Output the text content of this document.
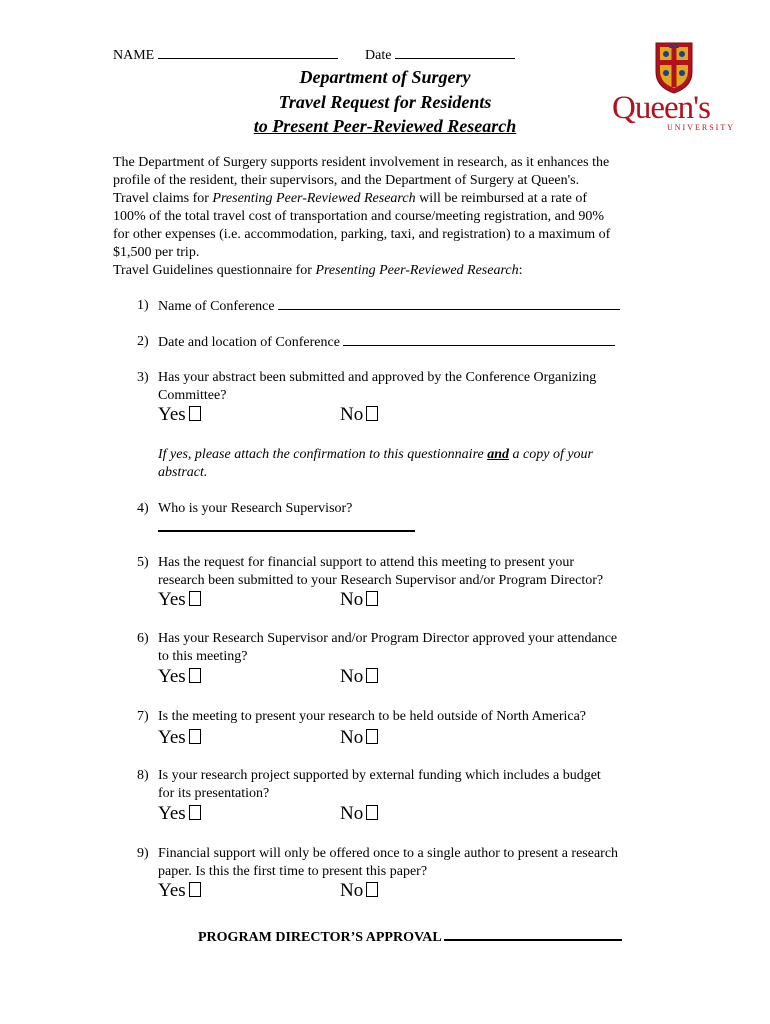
NAME	Date
Department of Surgery
Travel Request for Residents
to Present Peer-Reviewed Research	Queen's
UNIVERSITY
The Department of Surgery supports resident involvement in research, as it enhances the
profile of the resident, their supervisors, and the Department of Surgery at Queen's.
Travel claims for Presenting Peer-Reviewed Research will be reimbursed at a rate of
100% of the total travel cost of transportation and course/meeting registration, and 90%
for other expenses (i.e. accommodation, parking, taxi, and registration) to a maximum of
$1,500 per trip.
Travel Guidelines questionnaire for Presenting Peer-Reviewed Research:
1) Name of Conference
2) Date and location of Conference
3) Has your abstract been submitted and approved by the Conference Organizing
Committee?
Yes	No
If yes, please attach the confirmation to this questionnaire and a copy of your
abstract.
4) Who is your Research Supervisor?
5) Has the request for financial support to attend this meeting to present your
research been submitted to your Research Supervisor and/or Program Director?
Yes	No
6) Has your Research Supervisor and/or Program Director approved your attendance
to this meeting?
Yes	No
7) Is the meeting to present your research to be held outside of North America?
Yes	No
8) Is your research project supported by external funding which includes a budget
for its presentation?
Yes	No
9) Financial support will only be offered once to a single author to present a research
paper. Is this the first time to present this paper?
Yes	No
PROGRAM DIRECTOR’S APPROVAL
